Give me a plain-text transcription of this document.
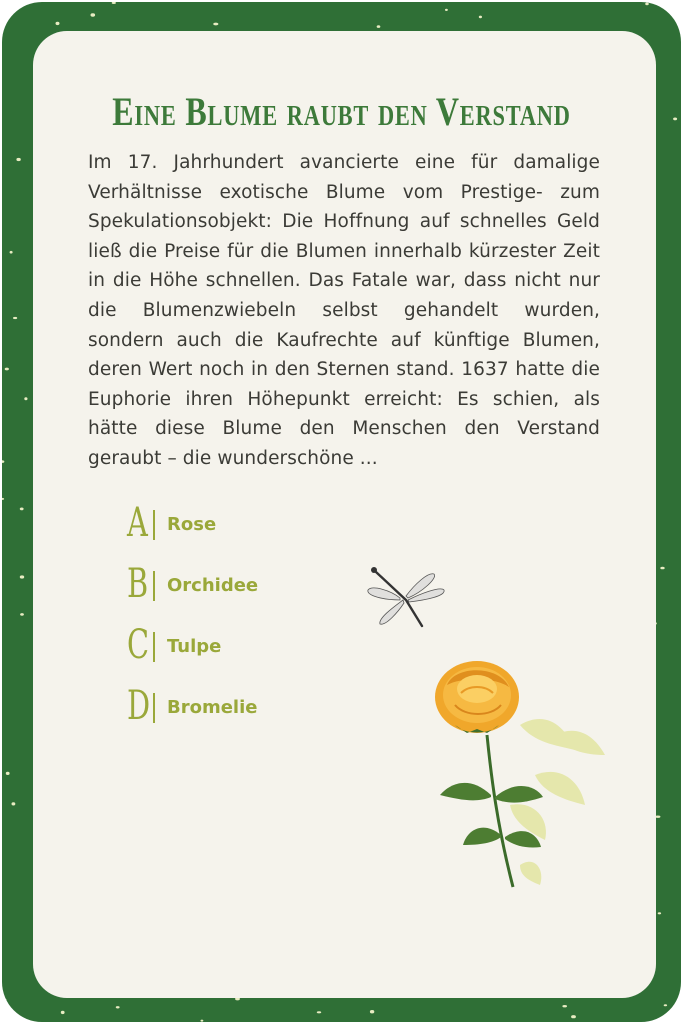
Eine Blume raubt den Verstand

Im 17. Jahrhundert avancierte eine für damalige Verhältnisse exotische Blume vom Prestige- zum Spekulationsobjekt: Die Hoffnung auf schnelles Geld ließ die Preise für die Blumen innerhalb kürzester Zeit in die Höhe schnellen. Das Fatale war, dass nicht nur die Blumenzwiebeln selbst gehandelt wurden, sondern auch die Kaufrechte auf künftige Blumen, deren Wert noch in den Sternen stand. 1637 hatte die Euphorie ihren Höhepunkt erreicht: Es schien, als hätte diese Blume den Menschen den Verstand geraubt – die wunderschöne ...

A Rose
B Orchidee
C Tulpe
D Bromelie
